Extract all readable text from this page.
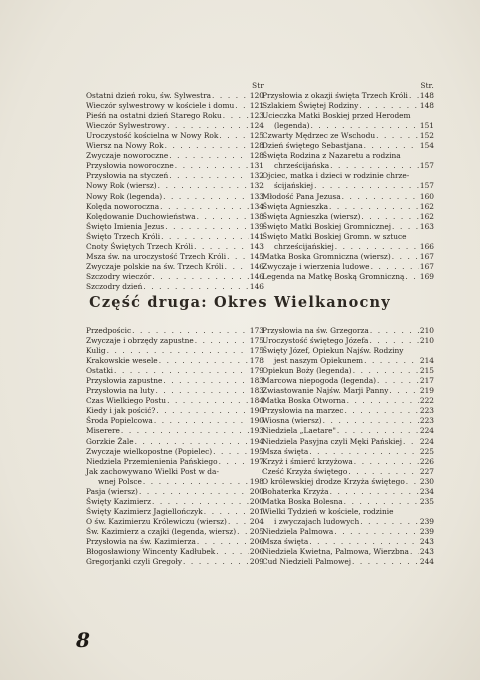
Str
Ostatni dzień roku, św. Sylwestra . . .	120
Wieczór sylwestrowy w kościele i domu . . . 121
Pieśń na ostatni dzień Starego Roku . . .	123
Wieczór Sylwestrowy . . .	124
Uroczystość kościelna w Nowy Rok . . .	125
Wiersz na Nowy Rok . . .	128
Zwyczaje noworoczne . . .	128
Przysłowia noworoczne . . .	131
Przysłowia na styczeń . . .	132
Nowy Rok (wiersz) . . .	132
Nowy Rok (legenda) . . .	133
Kolęda noworoczna . . .	134
Kolędowanie Duchowieństwa . . .	138
Święto Imienia Jezus . . .	139
Święto Trzech Króli . . .	141
Cnoty Świętych Trzech Króli . . .	143
Msza św. na uroczystość Trzech Króli . . .	145
Zwyczaje polskie na św. Trzech Króli . . .	146
Szczodry wieczór . . .	146
Szczodry dzień . . .	146
Str.
Przysłowia z okazji święta Trzech Króli . . . 148
Szlakiem Świętej Rodziny . . .	148
Ucieczka Matki Boskiej przed Herodem
(legenda) . . .	151
Czwarty Mędrzec ze Wschodu . . .	152
Dzień świętego Sebastjana . . .	154
Święta Rodzina z Nazaretu a rodzina
chrześcijańska . . .	157
Ojciec, matka i dzieci w rodzinie chrze-
ścijańskiej . . .	157
Młodość Pana Jezusa . . .	160
Święta Agnieszka . . .	162
Święta Agnieszka (wiersz) . . .	162
Święto Matki Boskiej Gromnicznej . . .	163
Święto Matki Boskiej Gromn. w sztuce
chrześcijańskiej . . .	166
Matka Boska Gromniczna (wiersz) . . .	167
Zwyczaje i wierzenia ludowe . . .	167
Legenda na Matkę Boską Gromniczną . . . 169
Część druga: Okres Wielkanocny
Przedpościc . . .	173
Zwyczaje i obrzędy zapustne . . .	175
Kulig . . .	175
Krakowskie wesele . . .	178
Ostatki . . .	179
Przysłowia zapustne . . .	183
Przysłowia na luty . . .	183
Czas Wielkiego Postu . . .	184
Kiedy i jak pościć? . . .	190
Środa Popielcowa . . .	190
Miserere . . .	193
Gorzkie Żale . . .	194
Zwyczaje wielkopostne (Popielec) . . .	195
Niedziela Przemienienia Pańskiego . . .	197
Jak zachowywano Wielki Post w da-
wnej Polsce . . .	198
Pasja (wiersz) . . .	200
Święty Kazimierz . . .	200
Święty Kazimierz Jagiellończyk . . .	201
O św. Kazimierzu Królewiczu (wiersz) . . .	204
Św. Kazimierz a czajki (legenda, wiersz) . . . 205
Przysłowia na św. Kazimierza . . .	206
Błogosławiony Wincenty Kadłubek . . .	206
Gregorjanki czyli Gregoły . . .	209
Przysłowia na św. Grzegorza . . .	210
Uroczystość świętego Józefa . . .	210
Święty Józef, Opiekun Najśw. Rodziny
jest naszym Opiekunem . . .	214
Opiekun Boży (legenda) . . .	215
Marcowa niepogoda (legenda) . . .	217
Zwiastowanie Najśw. Marji Panny . . .	219
Matka Boska Otworna . . .	222
Przysłowia na marzec . . .	223
Wiosna (wiersz) . . .	223
Niedziela „Laetare" . . .	224
Niedziela Pasyjna czyli Męki Pańskiej . . . 224
Msza święta . . .	225
Krzyż i śmierć krzyżowa . . .	226
Cześć Krzyża świętego . . .	227
O królewskiej drodze Krzyża świętego . . . 230
Bohaterka Krzyża . . .	234
Matka Boska Bolesna . . .	235
Wielki Tydzień w kościele, rodzinie
i zwyczajach ludowych . . .	239
Niedziela Palmowa . . .	239
Msza święta . . .	243
Niedziela Kwietna, Palmowa, Wierzbna . . . 243
Cud Niedzieli Palmowej . . .	244
8
